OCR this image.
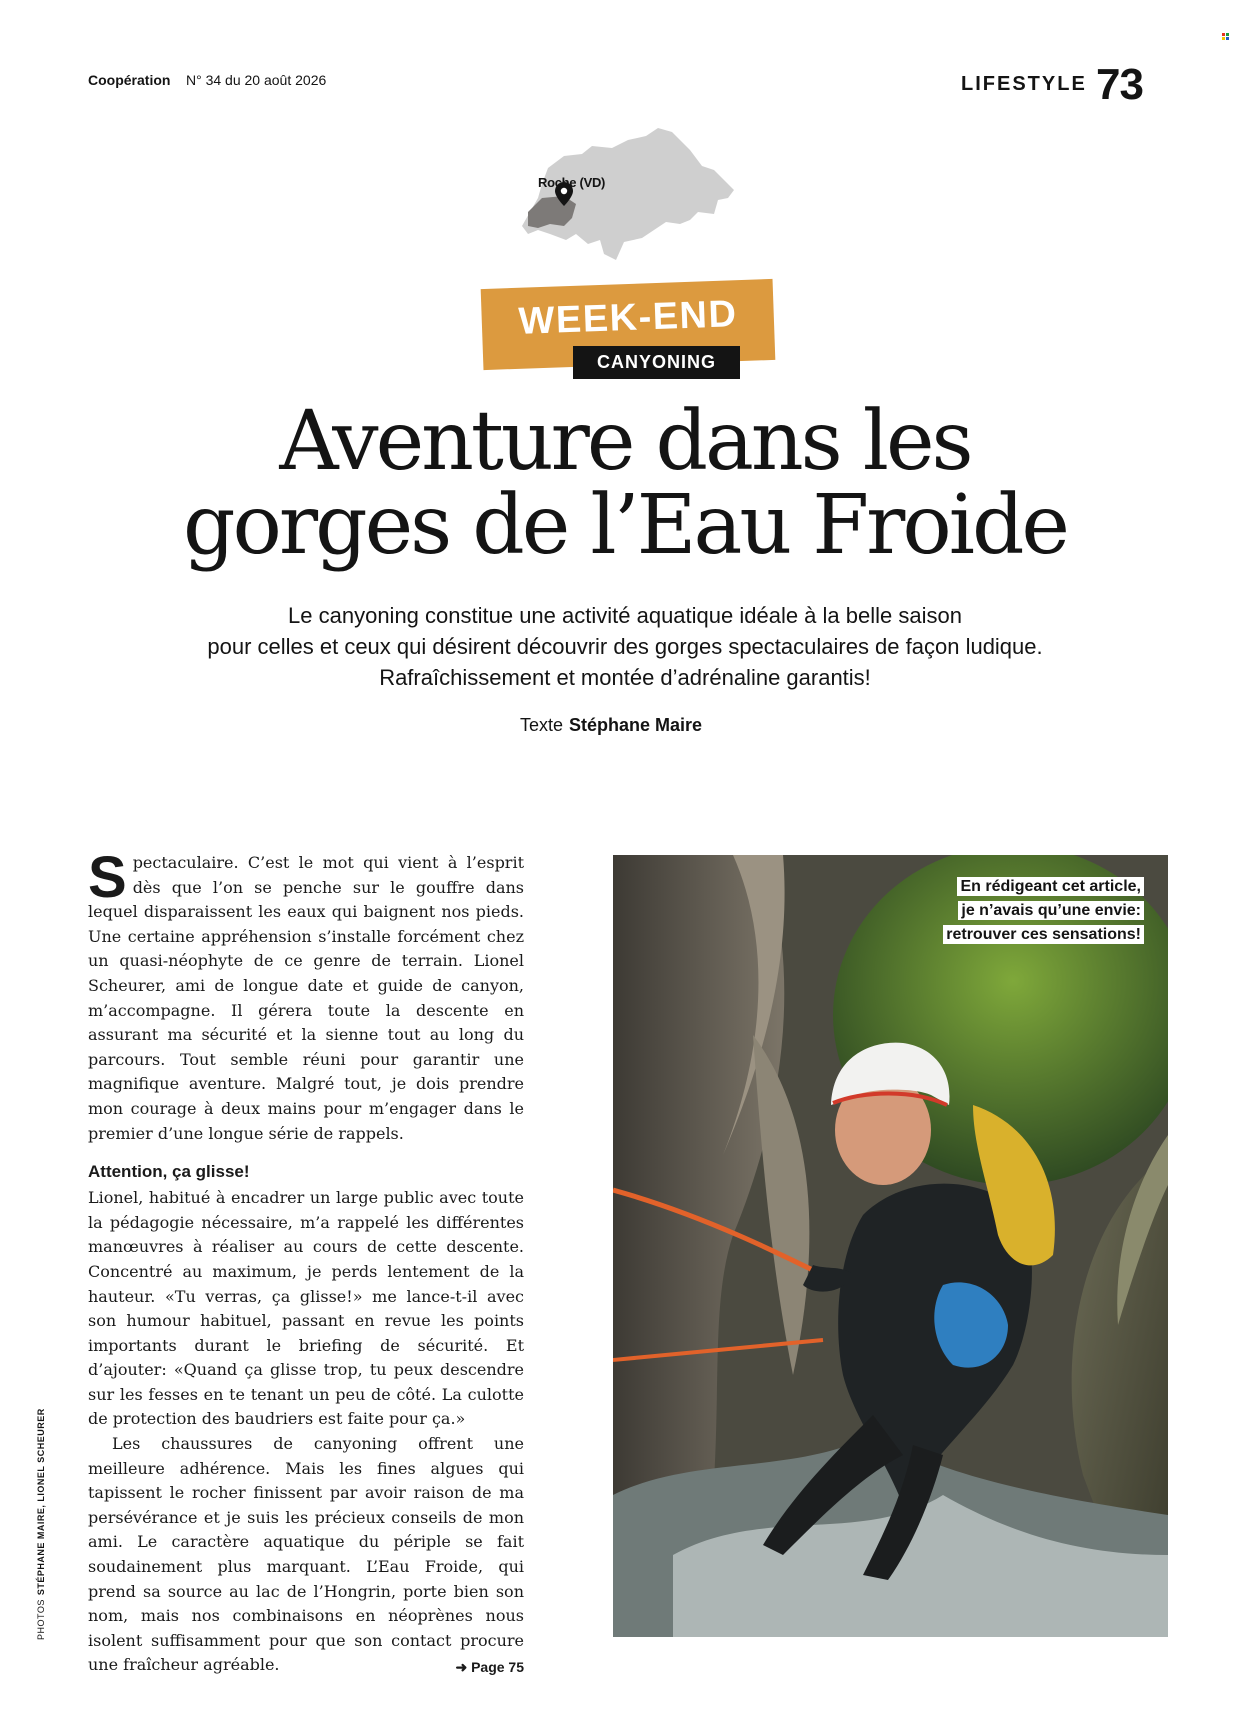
Coopération N° 34 du 20 août 2026	LIFESTYLE 73
Roche (VD)
WEEK-END
CANYONING
Aventure dans les
gorges de l’Eau Froide
Le canyoning constitue une activité aquatique idéale à la belle saison
pour celles et ceux qui désirent découvrir des gorges spectaculaires de façon ludique.
Rafraîchissement et montée d’adrénaline garantis!
Texte Stéphane Maire

Spectaculaire. C’est le mot qui vient à l’esprit dès que l’on se penche sur le gouffre dans lequel disparaissent les eaux qui baignent nos pieds. Une certaine appréhension s’installe forcément chez un quasi-néophyte de ce genre de terrain. Lionel Scheurer, ami de longue date et guide de canyon, m’accompagne. Il gérera toute la descente en assurant ma sécurité et la sienne tout au long du parcours. Tout semble réuni pour garantir une magnifique aventure. Malgré tout, je dois prendre mon courage à deux mains pour m’engager dans le premier d’une longue série de rappels.

Attention, ça glisse!

Lionel, habitué à encadrer un large public avec toute la pédagogie nécessaire, m’a rappelé les différentes manœuvres à réaliser au cours de cette descente. Concentré au maximum, je perds lentement de la hauteur. «Tu verras, ça glisse!» me lance-t-il avec son humour habituel, passant en revue les points importants durant le briefing de sécurité. Et d’ajouter: «Quand ça glisse trop, tu peux descendre sur les fesses en te tenant un peu de côté. La culotte de protection des baudriers est faite pour ça.»

Les chaussures de canyoning offrent une meilleure adhérence. Mais les fines algues qui tapissent le rocher finissent par avoir raison de ma persévérance et je suis les précieux conseils de mon ami. Le caractère aquatique du périple se fait soudainement plus marquant. L’Eau Froide, qui prend sa source au lac de l’Hongrin, porte bien son nom, mais nos combinaisons en néoprènes nous isolent suffisamment pour que son contact procure une fraîcheur agréable.	➜ Page 75

PHOTOSSTÉPHANE MAIRE, LIONEL SCHEURER
En rédigeant cet article,
je n’avais qu’une envie:
retrouver ces sensations!
